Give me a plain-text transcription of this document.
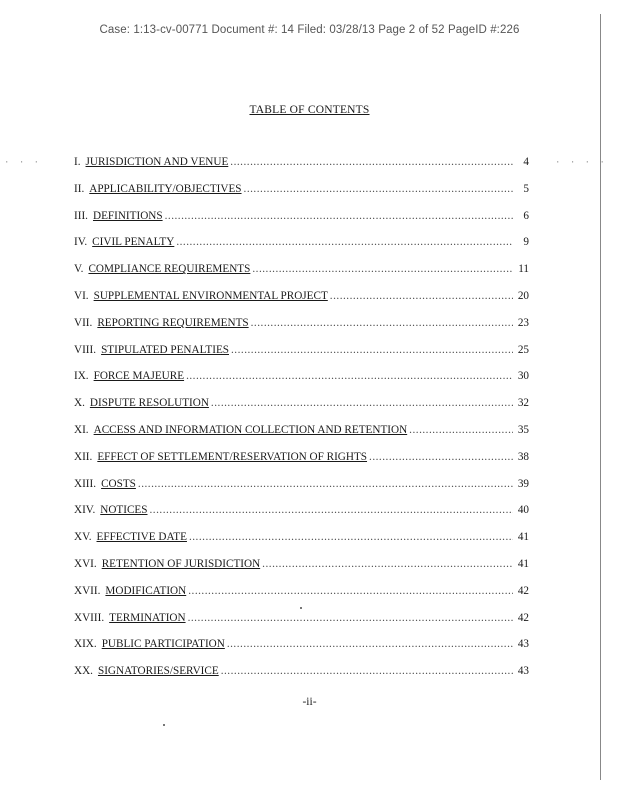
· · ·	· · · ·
Case: 1:13-cv-00771 Document #: 14 Filed: 03/28/13 Page 2 of 52 PageID #:226
TABLE OF CONTENTS
I. JURISDICTION AND VENUE .....	4
II. APPLICABILITY/OBJECTIVES .....	5
III. DEFINITIONS .....	6
IV. CIVIL PENALTY .....	9
V. COMPLIANCE REQUIREMENTS .....	11
VI. SUPPLEMENTAL ENVIRONMENTAL PROJECT .....	20
VII. REPORTING REQUIREMENTS .....	23
VIII. STIPULATED PENALTIES .....	25
IX. FORCE MAJEURE .....	30
X. DISPUTE RESOLUTION .....	32
XI. ACCESS AND INFORMATION COLLECTION AND RETENTION .....	35
XII. EFFECT OF SETTLEMENT/RESERVATION OF RIGHTS .....	38
XIII. COSTS .....	39
XIV. NOTICES .....	40
XV. EFFECTIVE DATE .....	41
XVI. RETENTION OF JURISDICTION .....	41
XVII. MODIFICATION .....	42
XVIII. TERMINATION .....	42
XIX. PUBLIC PARTICIPATION .....	43
XX. SIGNATORIES/SERVICE .....	43
-ii-
